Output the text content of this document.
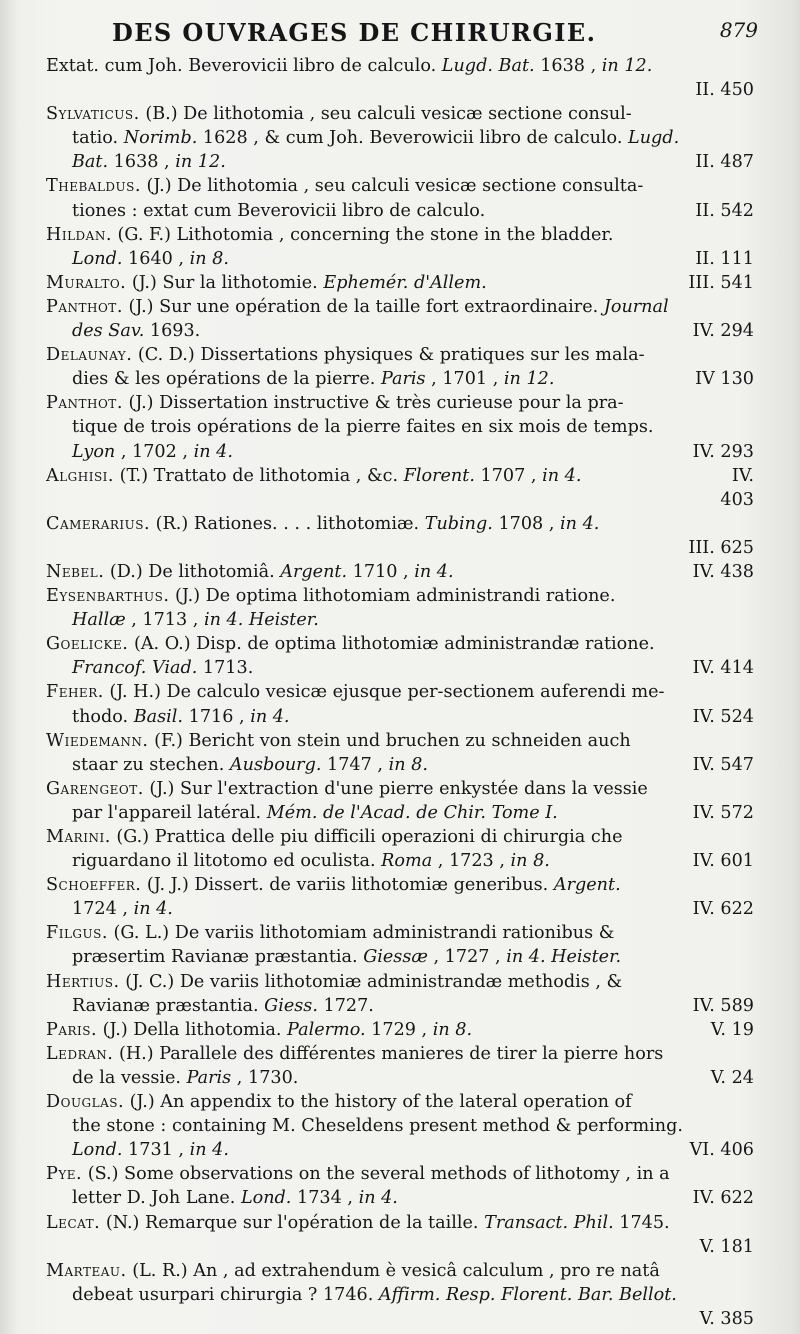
DES OUVRAGES DE CHIRURGIE.	879
Extat. cum Joh. Beverovicii libro de calculo. Lugd. Bat. 1638 , in 12.
II. 450
Sylvaticus. (B.) De lithotomia , seu calculi vesicæ sectione consul-
tatio. Norimb. 1628 , & cum Joh. Beverowicii libro de calculo. Lugd.
Bat. 1638 , in 12.	II. 487
Thebaldus. (J.) De lithotomia , seu calculi vesicæ sectione consulta-
tiones : extat cum Beverovicii libro de calculo.	II. 542
Hildan. (G. F.) Lithotomia , concerning the stone in the bladder.
Lond. 1640 , in 8.	II. 111
Muralto. (J.) Sur la lithotomie. Ephemér. d'Allem.	III. 541
Panthot. (J.) Sur une opération de la taille fort extraordinaire. Journal
des Sav. 1693.	IV. 294
Delaunay. (C. D.) Dissertations physiques & pratiques sur les mala-
dies & les opérations de la pierre. Paris , 1701 , in 12.	IV 130
Panthot. (J.) Dissertation instructive & très curieuse pour la pra-
tique de trois opérations de la pierre faites en six mois de temps.
Lyon , 1702 , in 4.	IV. 293
Alghisi. (T.) Trattato de lithotomia , &c. Florent. 1707 , in 4.	IV.
403
Camerarius. (R.) Rationes. . . . lithotomiæ. Tubing. 1708 , in 4.
III. 625
Nebel. (D.) De lithotomiâ. Argent. 1710 , in 4.	IV. 438
Eysenbarthus. (J.) De optima lithotomiam administrandi ratione.
Hallæ , 1713 , in 4. Heister.
Goelicke. (A. O.) Disp. de optima lithotomiæ administrandæ ratione.
Francof. Viad. 1713.	IV. 414
Feher. (J. H.) De calculo vesicæ ejusque per-sectionem auferendi me-
thodo. Basil. 1716 , in 4.	IV. 524
Wiedemann. (F.) Bericht von stein und bruchen zu schneiden auch
staar zu stechen. Ausbourg. 1747 , in 8.	IV. 547
Garengeot. (J.) Sur l'extraction d'une pierre enkystée dans la vessie
par l'appareil latéral. Mém. de l'Acad. de Chir. Tome I.	IV. 572
Marini. (G.) Prattica delle piu difficili operazioni di chirurgia che
riguardano il litotomo ed oculista. Roma , 1723 , in 8.	IV. 601
Schoeffer. (J. J.) Dissert. de variis lithotomiæ generibus. Argent.
1724 , in 4.	IV. 622
Filgus. (G. L.) De variis lithotomiam administrandi rationibus &
præsertim Ravianæ præstantia. Giessæ , 1727 , in 4. Heister.
Hertius. (J. C.) De variis lithotomiæ administrandæ methodis , &
Ravianæ præstantia. Giess. 1727.	IV. 589
Paris. (J.) Della lithotomia. Palermo. 1729 , in 8.	V. 19
Ledran. (H.) Parallele des différentes manieres de tirer la pierre hors
de la vessie. Paris , 1730.	V. 24
Douglas. (J.) An appendix to the history of the lateral operation of
the stone : containing M. Cheseldens present method & performing.
Lond. 1731 , in 4.	VI. 406
Pye. (S.) Some observations on the several methods of lithotomy , in a
letter D. Joh Lane. Lond. 1734 , in 4.	IV. 622
Lecat. (N.) Remarque sur l'opération de la taille. Transact. Phil. 1745.
V. 181
Marteau. (L. R.) An , ad extrahendum è vesicâ calculum , pro re natâ
debeat usurpari chirurgia ? 1746. Affirm. Resp. Florent. Bar. Bellot.
V. 385
